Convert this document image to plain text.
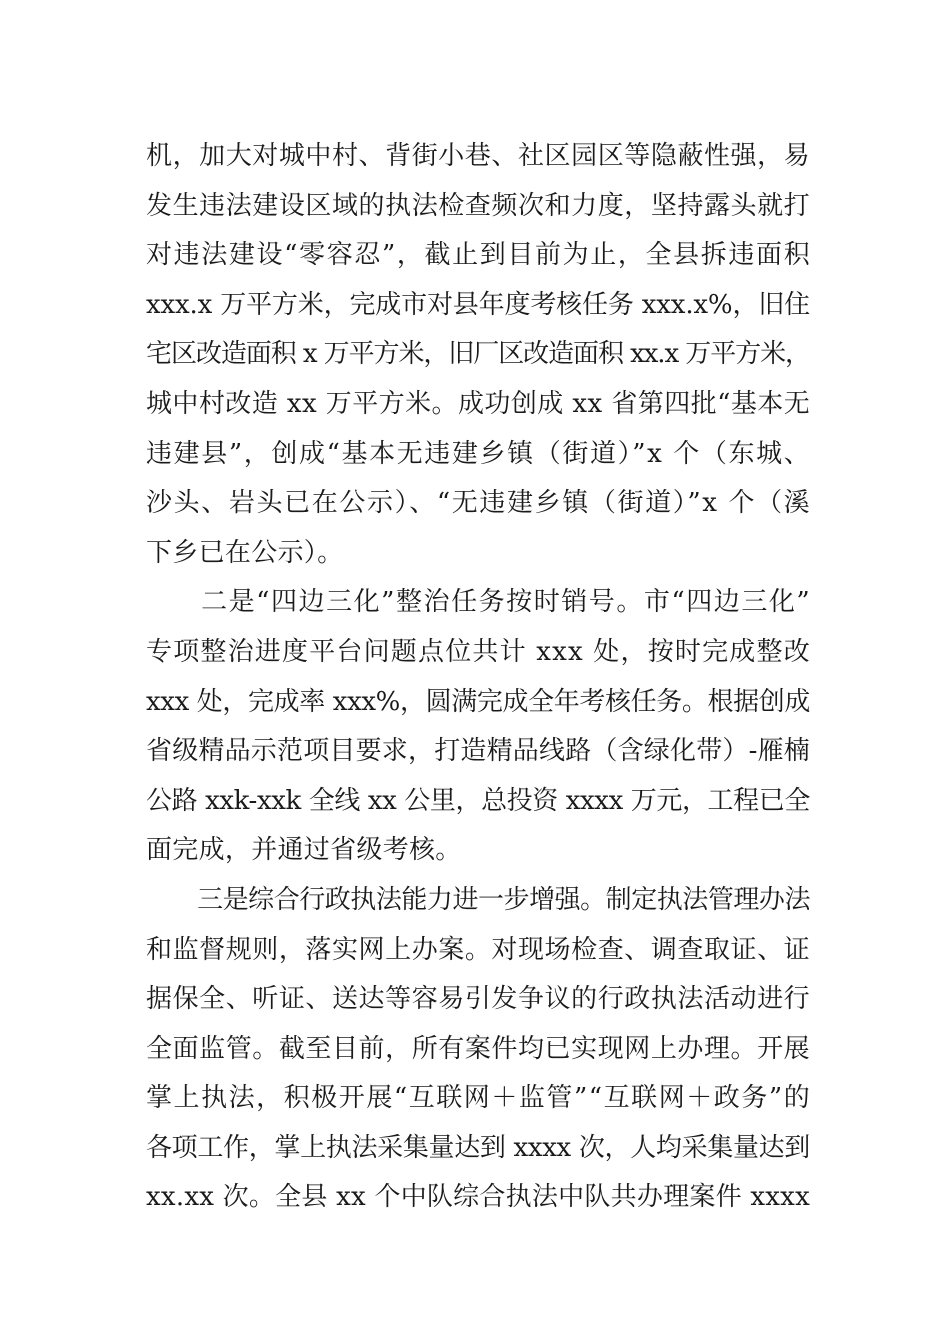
机，加大对城中村、背街小巷、社区园区等隐蔽性强，易
发生违法建设区域的执法检查频次和力度，坚持露头就打
对违法建设“零容忍”，截止到目前为止，全县拆违面积
xxx.x 万平方米，完成市对县年度考核任务 xxx.x%，旧住
宅区改造面积 x 万平方米，旧厂区改造面积 xx.x 万平方米，
城中村改造 xx 万平方米。成功创成 xx 省第四批“基本无
违建县”，创成“基本无违建乡镇（街道）”x 个（东城、
沙头、岩头已在公示）、“无违建乡镇（街道）”x 个（溪
下乡已在公示）。
　　二是“四边三化”整治任务按时销号。市“四边三化”
专项整治进度平台问题点位共计 xxx 处，按时完成整改
xxx 处，完成率 xxx%，圆满完成全年考核任务。根据创成
省级精品示范项目要求，打造精品线路（含绿化带）-雁楠
公路 xxk-xxk 全线 xx 公里，总投资 xxxx 万元，工程已全
面完成，并通过省级考核。
　　三是综合行政执法能力进一步增强。制定执法管理办法
和监督规则，落实网上办案。对现场检查、调查取证、证
据保全、听证、送达等容易引发争议的行政执法活动进行
全面监管。截至目前，所有案件均已实现网上办理。开展
掌上执法，积极开展“互联网＋监管”“互联网＋政务”的
各项工作，掌上执法采集量达到 xxxx 次，人均采集量达到
xx.xx 次。全县 xx 个中队综合执法中队共办理案件 xxxx
